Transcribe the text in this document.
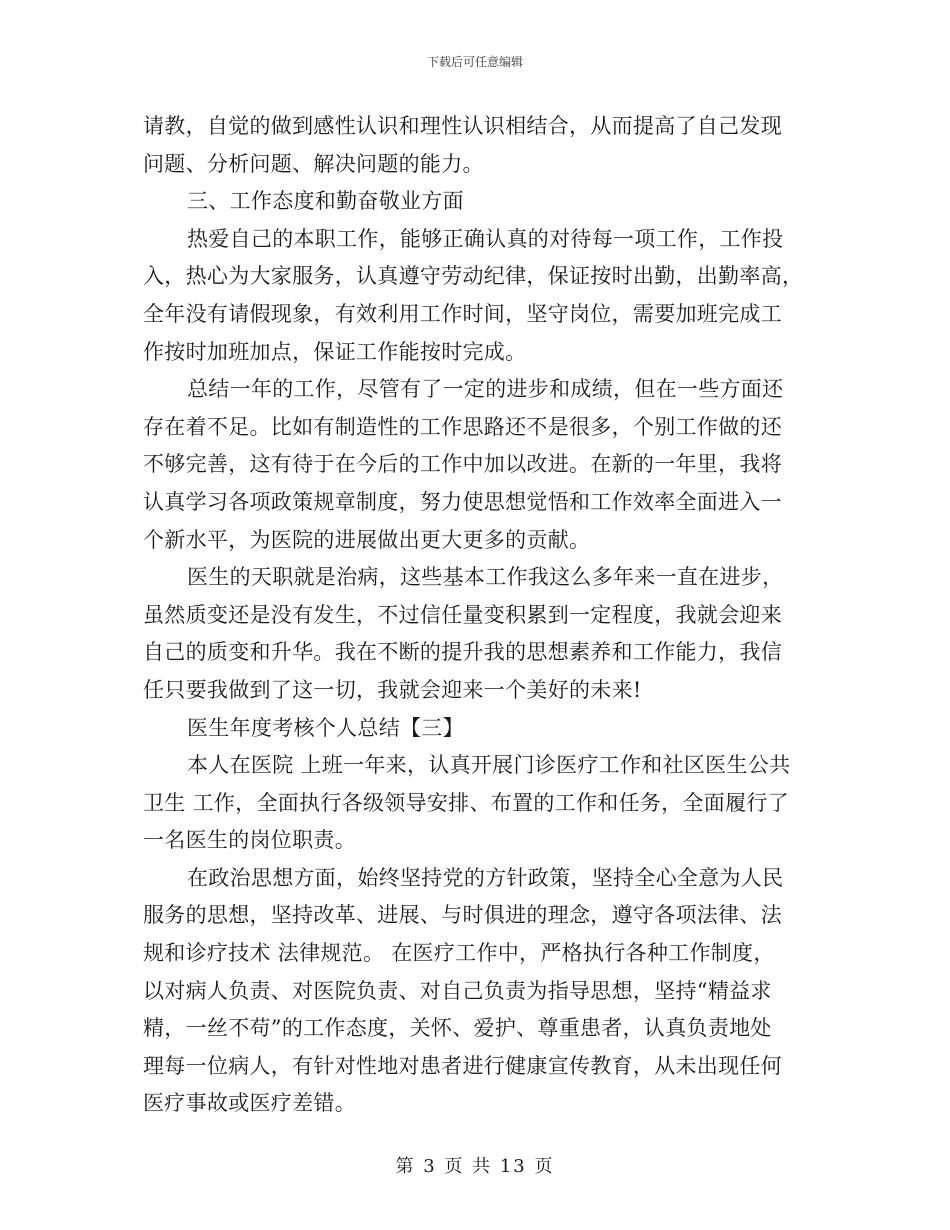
下载后可任意编辑
请教，自觉的做到感性认识和理性认识相结合，从而提高了自己发现
问题、分析问题、解决问题的能力。
三、工作态度和勤奋敬业方面
热爱自己的本职工作，能够正确认真的对待每一项工作，工作投
入，热心为大家服务，认真遵守劳动纪律，保证按时出勤，出勤率高，
全年没有请假现象，有效利用工作时间，坚守岗位，需要加班完成工
作按时加班加点，保证工作能按时完成。
总结一年的工作，尽管有了一定的进步和成绩，但在一些方面还
存在着不足。比如有制造性的工作思路还不是很多，个别工作做的还
不够完善，这有待于在今后的工作中加以改进。在新的一年里，我将
认真学习各项政策规章制度，努力使思想觉悟和工作效率全面进入一
个新水平，为医院的进展做出更大更多的贡献。
医生的天职就是治病，这些基本工作我这么多年来一直在进步，
虽然质变还是没有发生，不过信任量变积累到一定程度，我就会迎来
自己的质变和升华。我在不断的提升我的思想素养和工作能力，我信
任只要我做到了这一切，我就会迎来一个美好的未来!
医生年度考核个人总结【三】
本人在医院 上班一年来，认真开展门诊医疗工作和社区医生公共
卫生 工作，全面执行各级领导安排、布置的工作和任务，全面履行了
一名医生的岗位职责。
在政治思想方面，始终坚持党的方针政策，坚持全心全意为人民
服务的思想，坚持改革、进展、与时俱进的理念，遵守各项法律、法
规和诊疗技术 法律规范。 在医疗工作中，严格执行各种工作制度，
以对病人负责、对医院负责、对自己负责为指导思想，坚持“精益求
精，一丝不苟”的工作态度，关怀、爱护、尊重患者，认真负责地处
理每一位病人，有针对性地对患者进行健康宣传教育，从未出现任何
医疗事故或医疗差错。
第 3 页 共 13 页
